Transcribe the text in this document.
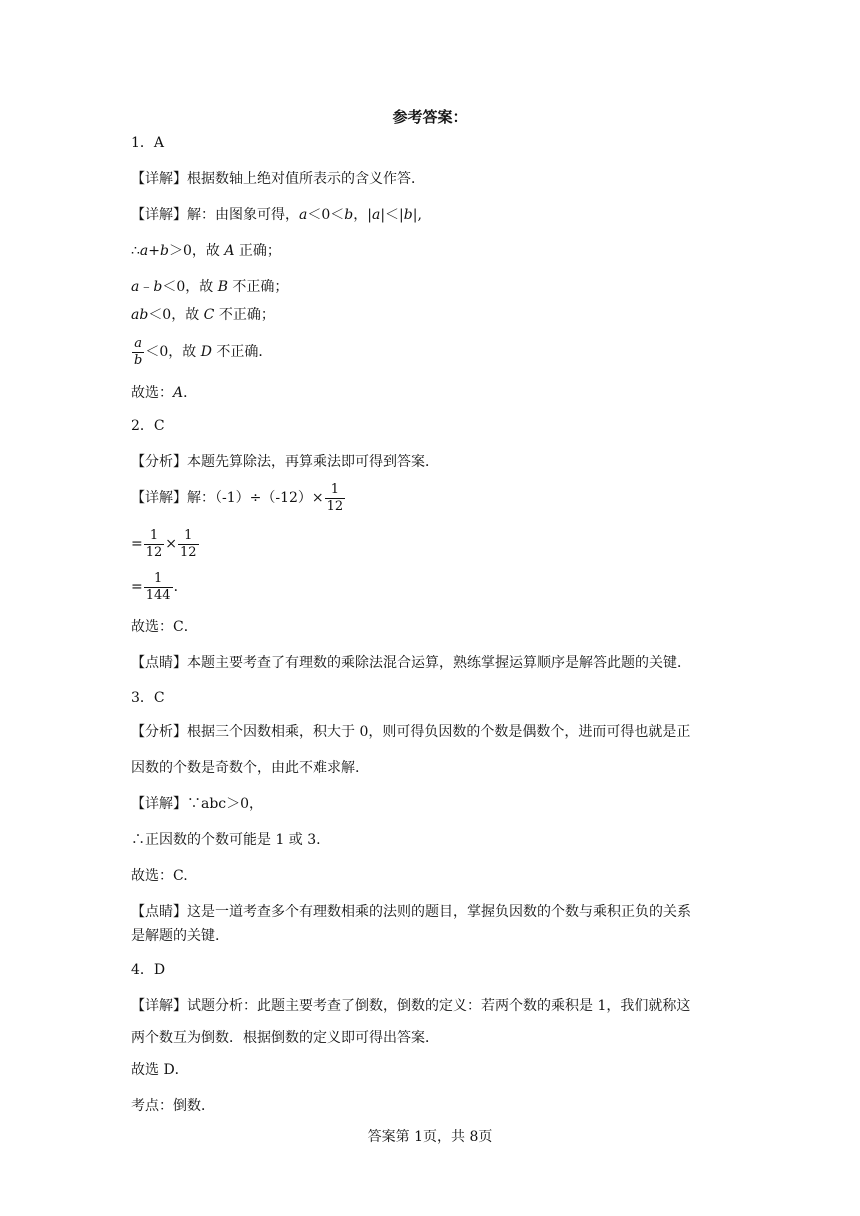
参考答案：
1．A
【详解】根据数轴上绝对值所表示的含义作答．
【详解】解：由图象可得，a＜0＜b，|a|＜|b|,
∴a+b＞0，故 A 正确；
a﹣b＜0，故 B 不正确；
ab＜0，故 C 不正确；
$\frac{a}{b} <0$，故 D 不正确．
故选：A．
2．C
【分析】本题先算除法，再算乘法即可得到答案．
【详解】解：$(-1)\div(-12)\times \frac{1}{12}$
= $\frac{1}{12} \times \frac{1}{12}$
= $\frac{1}{144}$ ．
故选：C．
【点睛】本题主要考查了有理数的乘除法混合运算，熟练掌握运算顺序是解答此题的关键．
3．C
【分析】根据三个因数相乘，积大于 0，则可得负因数的个数是偶数个，进而可得也就是正
因数的个数是奇数个，由此不难求解.
【详解】∵abc＞0，
∴正因数的个数可能是 1 或 3.
故选：C.
【点睛】这是一道考查多个有理数相乘的法则的题目，掌握负因数的个数与乘积正负的关系
是解题的关键.
4．D
【详解】试题分析：此题主要考查了倒数，倒数的定义：若两个数的乘积是 1，我们就称这
两个数互为倒数．根据倒数的定义即可得出答案．
故选 D．
考点：倒数．
答案第 1页，共 8页
